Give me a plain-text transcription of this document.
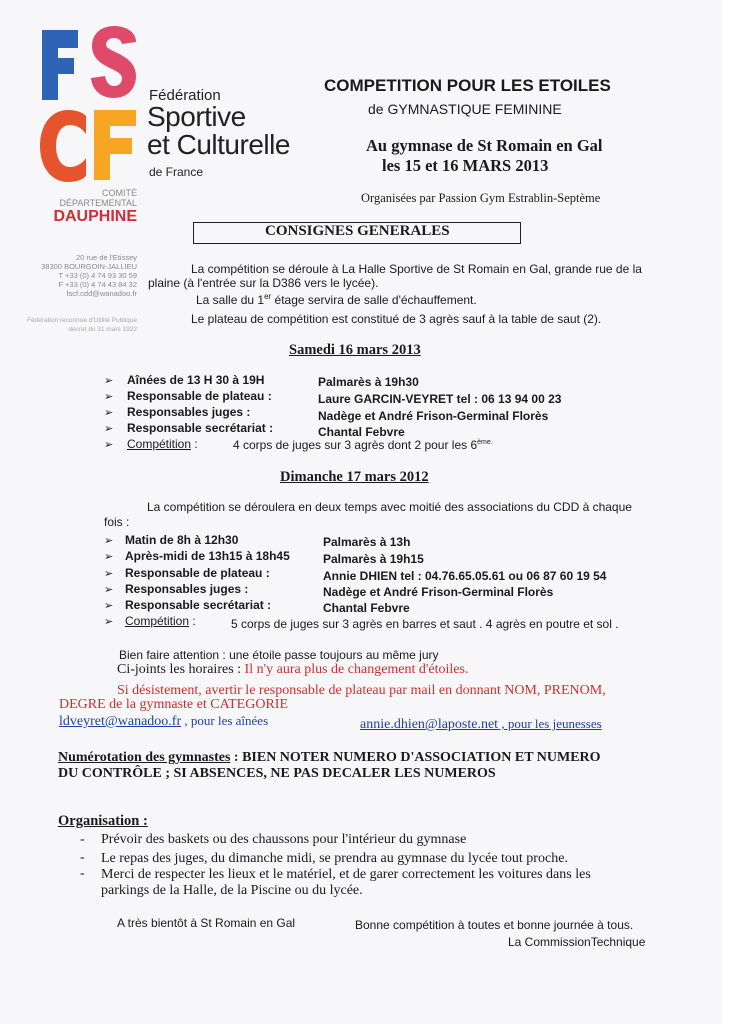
Fédération
Sportive
et Culturelle
de France
COMITÉ
DÉPARTEMENTAL
DAUPHINE
20 rue de l'Etissey
38300 BOURGOIN-JALLIEU
T +33 (0) 4 74 93 30 59
F +33 (0) 4 74 43 84 32
fscf.cdd@wanadoo.fr
Fédération reconnue d'Utilité Publique
décret du 31 mars 1922
COMPETITION POUR LES ETOILES
de GYMNASTIQUE FEMININE
Au gymnase de St Romain en Gal
les 15 et 16 MARS 2013
Organisées par Passion Gym Estrablin-Septème
CONSIGNES GENERALES
La compétition se déroule à La Halle Sportive de St Romain en Gal, grande rue de la
plaine (à l'entrée sur la D386 vers le lycée).
La salle du 1er étage servira de salle d'échauffement.
Le plateau de compétition est constitué de 3 agrès sauf à la table de saut (2).
Samedi 16 mars 2013
➢ Aînées de 13 H 30 à 19H	Palmarès à 19h30
➢ Responsable de plateau :	Laure GARCIN-VEYRET tel : 06 13 94 00 23
➢ Responsables juges :	Nadège et André Frison-Germinal Florès
➢ Responsable secrétariat :	Chantal Febvre
➢ Compétition :	4 corps de juges sur 3 agrès dont 2 pour les $6^{ème.}$
Dimanche 17 mars 2012
La compétition se déroulera en deux temps avec moitié des associations du CDD à chaque
fois :
➢ Matin de 8h à 12h30	Palmarès à 13h
➢ Après-midi de 13h15 à 18h45	Palmarès à 19h15
➢ Responsable de plateau :	Annie DHIEN tel : 04.76.65.05.61 ou 06 87 60 19 54
➢ Responsables juges :	Nadège et André Frison-Germinal Florès
➢ Responsable secrétariat :	Chantal Febvre
➢ Compétition :	5 corps de juges sur 3 agrès en barres et saut . 4 agrès en poutre et sol .
Bien faire attention : une étoile passe toujours au même jury
Ci-joints les horaires : Il n'y aura plus de changement d'étoiles.
Si désistement, avertir le responsable de plateau par mail en donnant NOM, PRENOM,
DEGRE de la gymnaste et CATEGORIE
ldveyret@wanadoo.fr , pour les aînées	annie.dhien@laposte.net , pour les jeunesses
Numérotation des gymnastes : BIEN NOTER NUMERO D'ASSOCIATION ET NUMERO
DU CONTRÔLE ; SI ABSENCES, NE PAS DECALER LES NUMEROS
Organisation :
- Prévoir des baskets ou des chaussons pour l'intérieur du gymnase
- Le repas des juges, du dimanche midi, se prendra au gymnase du lycée tout proche.
- Merci de respecter les lieux et le matériel, et de garer correctement les voitures dans les
parkings de la Halle, de la Piscine ou du lycée.
A très bientôt à St Romain en Gal	Bonne compétition à toutes et bonne journée à tous.
La CommissionTechnique
